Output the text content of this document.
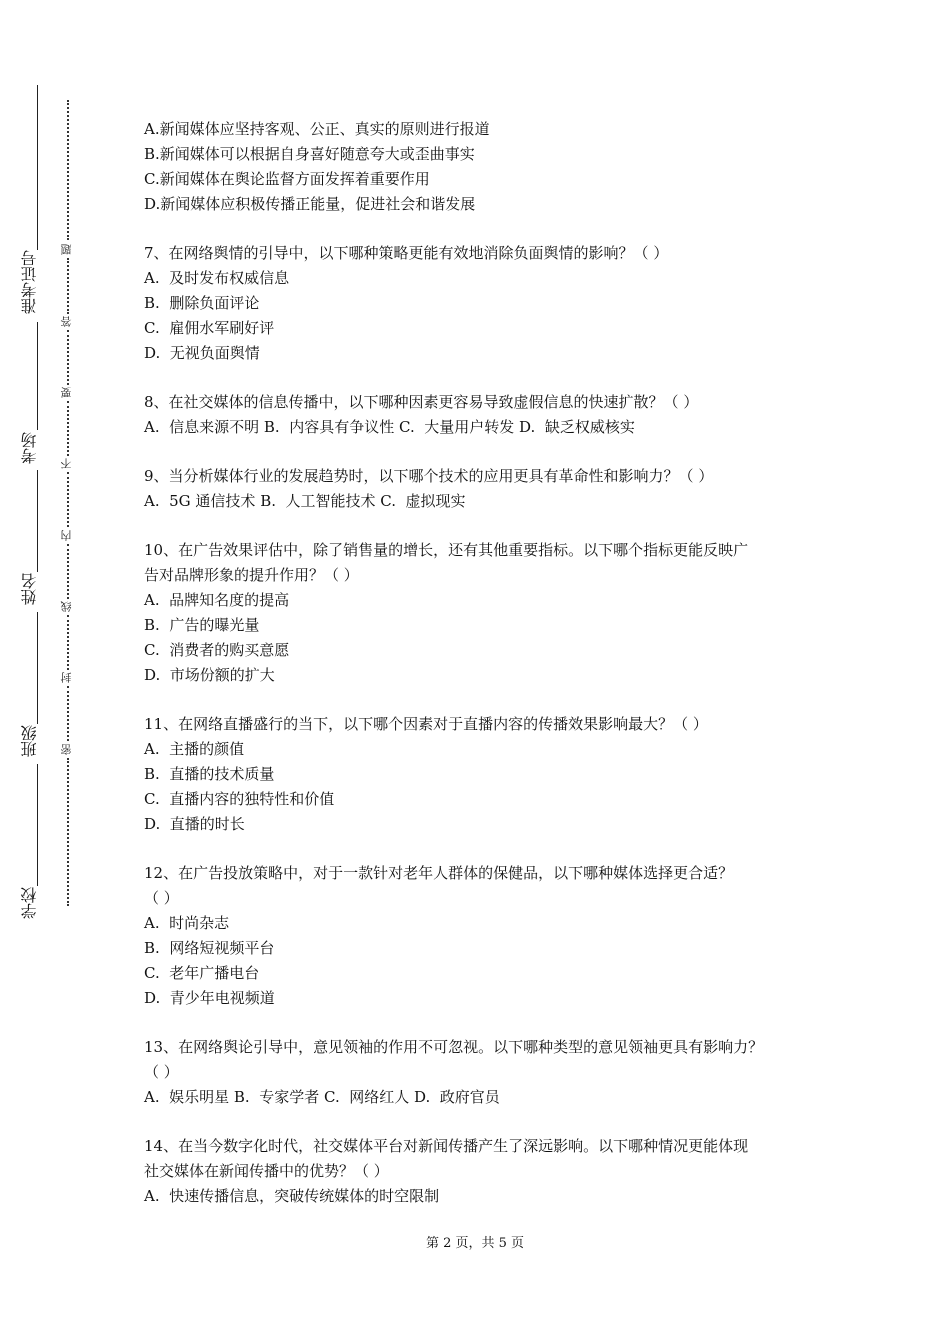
准考证号
考场
姓名
班级
学校
题
答
要
不
内
线
封
密

A.新闻媒体应坚持客观、公正、真实的原则进行报道

B.新闻媒体可以根据自身喜好随意夸大或歪曲事实

C.新闻媒体在舆论监督方面发挥着重要作用

D.新闻媒体应积极传播正能量，促进社会和谐发展

7、在网络舆情的引导中，以下哪种策略更能有效地消除负面舆情的影响？（ ）

A.  及时发布权威信息

B.  删除负面评论

C.  雇佣水军刷好评

D.  无视负面舆情

8、在社交媒体的信息传播中，以下哪种因素更容易导致虚假信息的快速扩散？（ ）

A.  信息来源不明 B.  内容具有争议性 C.  大量用户转发 D.  缺乏权威核实

9、当分析媒体行业的发展趋势时，以下哪个技术的应用更具有革命性和影响力？（ ）

A.  5G 通信技术 B.  人工智能技术 C.  虚拟现实

10、在广告效果评估中，除了销售量的增长，还有其他重要指标。以下哪个指标更能反映广

告对品牌形象的提升作用？（ ）

A.  品牌知名度的提高

B.  广告的曝光量

C.  消费者的购买意愿

D.  市场份额的扩大

11、在网络直播盛行的当下，以下哪个因素对于直播内容的传播效果影响最大？（ ）

A.  主播的颜值

B.  直播的技术质量

C.  直播内容的独特性和价值

D.  直播的时长

12、在广告投放策略中，对于一款针对老年人群体的保健品，以下哪种媒体选择更合适？

（ ）

A.  时尚杂志

B.  网络短视频平台

C.  老年广播电台

D.  青少年电视频道

13、在网络舆论引导中，意见领袖的作用不可忽视。以下哪种类型的意见领袖更具有影响力？

（ ）

A.  娱乐明星 B.  专家学者 C.  网络红人 D.  政府官员

14、在当今数字化时代，社交媒体平台对新闻传播产生了深远影响。以下哪种情况更能体现

社交媒体在新闻传播中的优势？（ ）

A.  快速传播信息，突破传统媒体的时空限制

第 2 页，共 5 页
